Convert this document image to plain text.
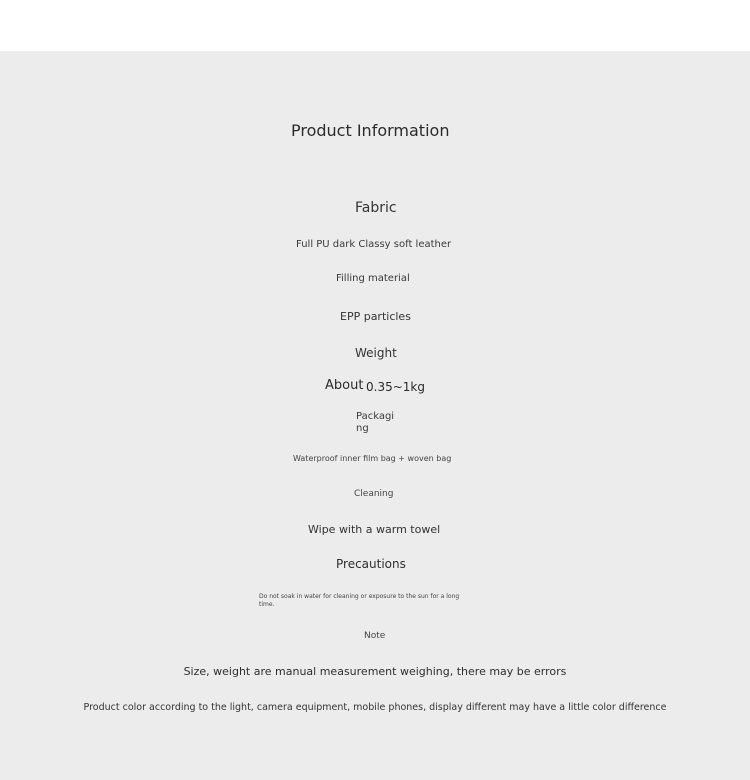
Product Information
Fabric
Full PU dark Classy soft leather
Filling material
EPP particles
Weight
About 0.35~1kg
Packagi
ng
Waterproof inner film bag + woven bag
Cleaning
Wipe with a warm towel
Precautions
Do not soak in water for cleaning or exposure to the sun for a long
time.
Note
Size, weight are manual measurement weighing, there may be errors
Product color according to the light, camera equipment, mobile phones, display different may have a little color difference
